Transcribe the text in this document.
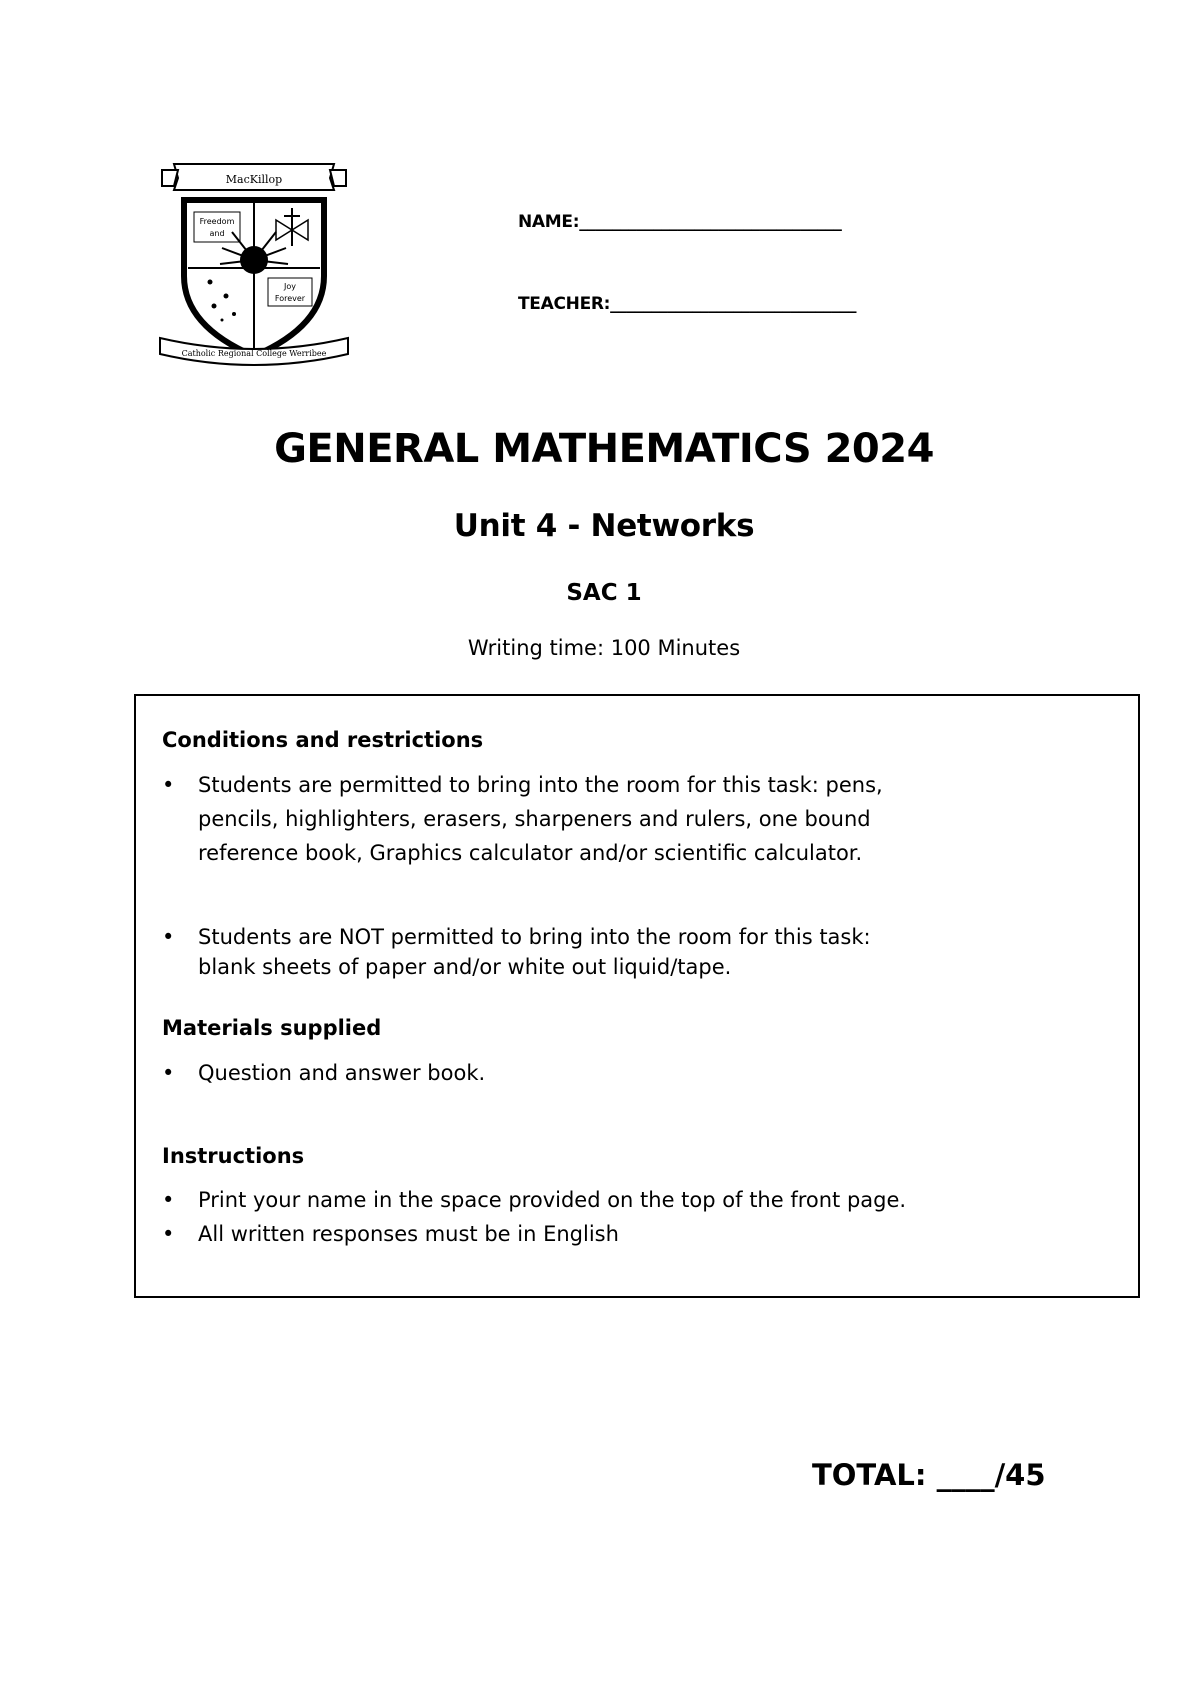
MacKillop
Freedom
and
Joy
Forever
Catholic Regional College Werribee
NAME:________________________________
TEACHER:______________________________
GENERAL MATHEMATICS 2024
Unit 4 - Networks
SAC 1
Writing time: 100 Minutes
Conditions and restrictions
• Students are permitted to bring into the room for this task: pens,
pencils, highlighters, erasers, sharpeners and rulers, one bound
reference book, Graphics calculator and/or scientific calculator.
• Students are NOT permitted to bring into the room for this task:
blank sheets of paper and/or white out liquid/tape.
Materials supplied
• Question and answer book.
Instructions
• Print your name in the space provided on the top of the front page.
• All written responses must be in English
TOTAL: ____/45
